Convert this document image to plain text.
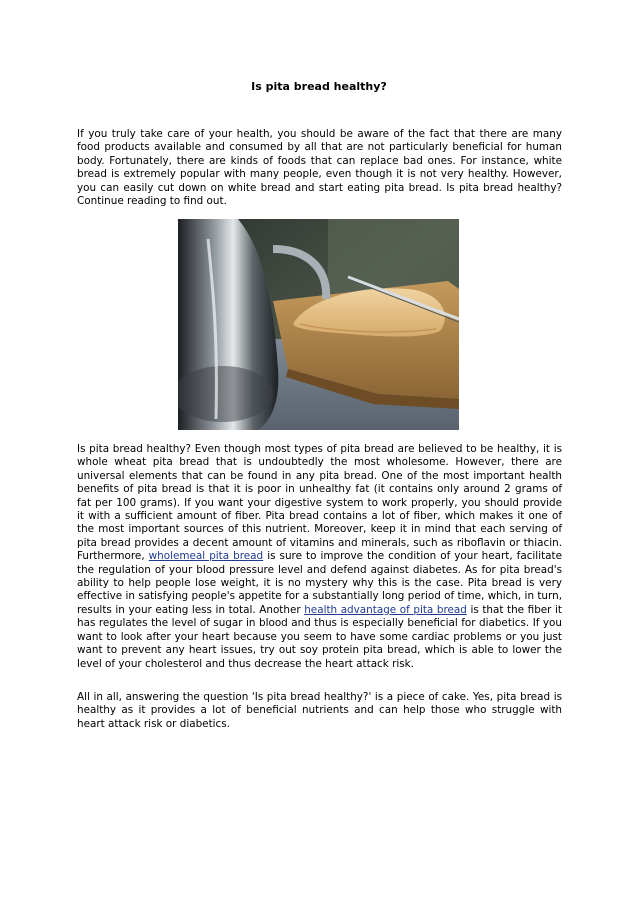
Is pita bread healthy?

If you truly take care of your health, you should be aware of the fact that there are many food products available and consumed by all that are not particularly beneficial for human body. Fortunately, there are kinds of foods that can replace bad ones. For instance, white bread is extremely popular with many people, even though it is not very healthy. However, you can easily cut down on white bread and start eating pita bread. Is pita bread healthy? Continue reading to find out.

Is pita bread healthy? Even though most types of pita bread are believed to be healthy, it is whole wheat pita bread that is undoubtedly the most wholesome. However, there are universal elements that can be found in any pita bread. One of the most important health benefits of pita bread is that it is poor in unhealthy fat (it contains only around 2 grams of fat per 100 grams). If you want your digestive system to work properly, you should provide it with a sufficient amount of fiber. Pita bread contains a lot of fiber, which makes it one of the most important sources of this nutrient. Moreover, keep it in mind that each serving of pita bread provides a decent amount of vitamins and minerals, such as riboflavin or thiacin. Furthermore, wholemeal pita bread is sure to improve the condition of your heart, facilitate the regulation of your blood pressure level and defend against diabetes. As for pita bread's ability to help people lose weight, it is no mystery why this is the case. Pita bread is very effective in satisfying people's appetite for a substantially long period of time, which, in turn, results in your eating less in total. Another health advantage of pita bread is that the fiber it has regulates the level of sugar in blood and thus is especially beneficial for diabetics. If you want to look after your heart because you seem to have some cardiac problems or you just want to prevent any heart issues, try out soy protein pita bread, which is able to lower the level of your cholesterol and thus decrease the heart attack risk.

All in all, answering the question 'Is pita bread healthy?' is a piece of cake. Yes, pita bread is healthy as it provides a lot of beneficial nutrients and can help those who struggle with heart attack risk or diabetics.
